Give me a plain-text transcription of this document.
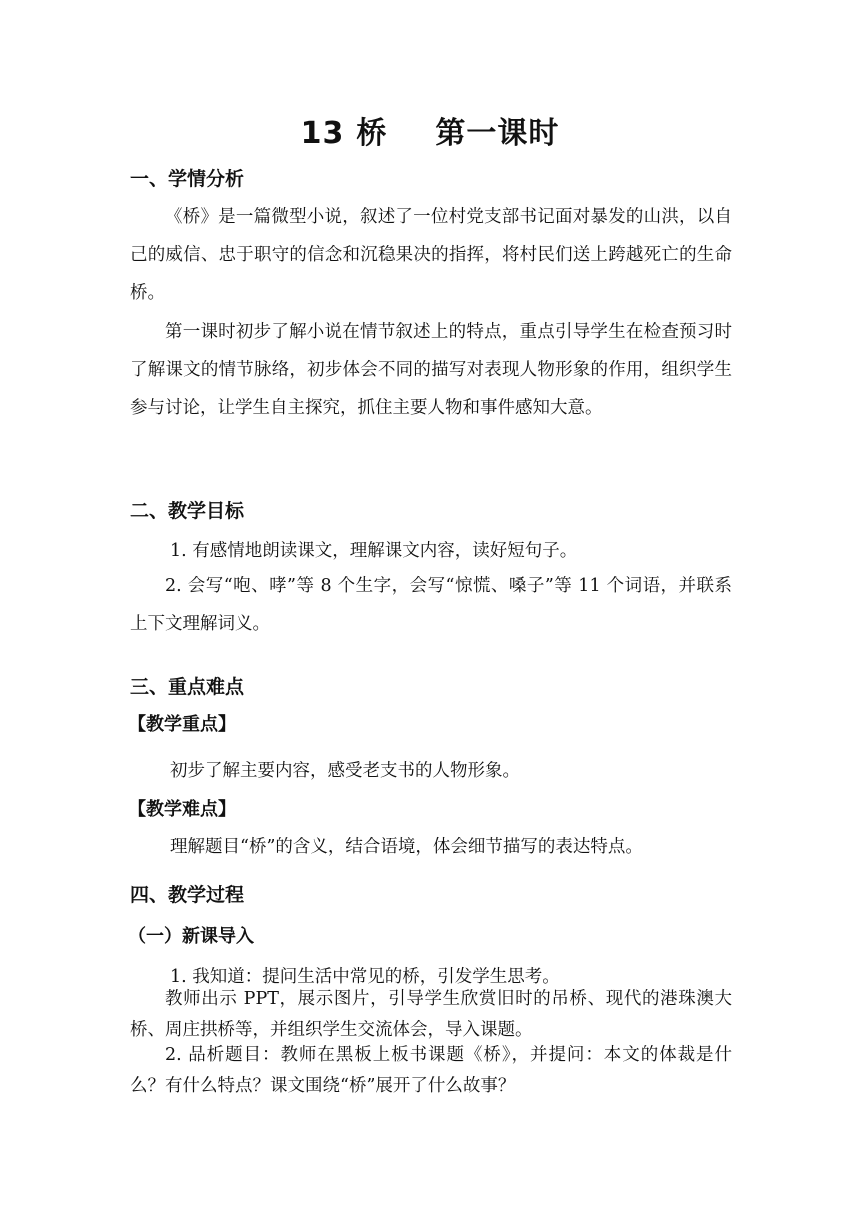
13 桥 第一课时
一、学情分析
《桥》是一篇微型小说，叙述了一位村党支部书记面对暴发的山洪，以自己的威信、忠于职守的信念和沉稳果决的指挥，将村民们送上跨越死亡的生命桥。
第一课时初步了解小说在情节叙述上的特点，重点引导学生在检查预习时了解课文的情节脉络，初步体会不同的描写对表现人物形象的作用，组织学生参与讨论，让学生自主探究，抓住主要人物和事件感知大意。
二、教学目标
1. 有感情地朗读课文，理解课文内容，读好短句子。
2. 会写“咆、哮”等 8 个生字，会写“惊慌、嗓子”等 11 个词语，并联系上下文理解词义。
三、重点难点
【教学重点】
初步了解主要内容，感受老支书的人物形象。
【教学难点】
理解题目“桥”的含义，结合语境，体会细节描写的表达特点。
四、教学过程
（一）新课导入
1. 我知道：提问生活中常见的桥，引发学生思考。
教师出示 PPT，展示图片，引导学生欣赏旧时的吊桥、现代的港珠澳大桥、周庄拱桥等，并组织学生交流体会，导入课题。
2. 品析题目：教师在黑板上板书课题《桥》，并提问：本文的体裁是什么？有什么特点？课文围绕“桥”展开了什么故事？
